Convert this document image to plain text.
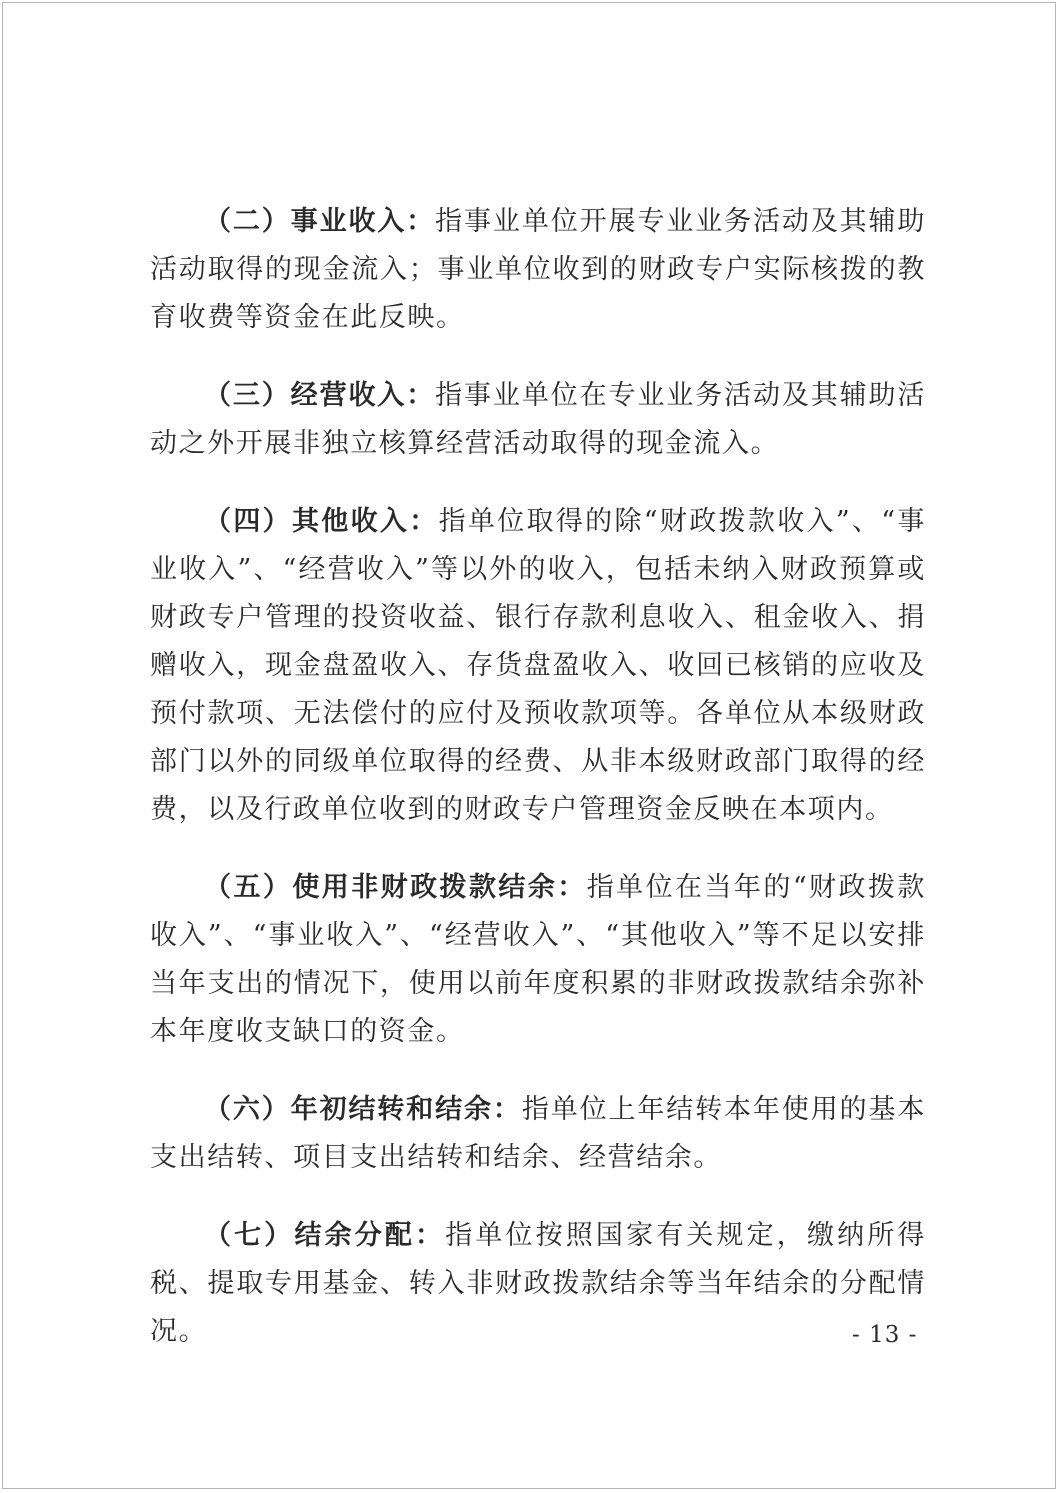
（二）事业收入：指事业单位开展专业业务活动及其辅助活动取得的现金流入；事业单位收到的财政专户实际核拨的教育收费等资金在此反映。

（三）经营收入：指事业单位在专业业务活动及其辅助活动之外开展非独立核算经营活动取得的现金流入。

（四）其他收入：指单位取得的除“财政拨款收入”、“事业收入”、“经营收入”等以外的收入，包括未纳入财政预算或财政专户管理的投资收益、银行存款利息收入、租金收入、捐赠收入，现金盘盈收入、存货盘盈收入、收回已核销的应收及预付款项、无法偿付的应付及预收款项等。各单位从本级财政部门以外的同级单位取得的经费、从非本级财政部门取得的经费，以及行政单位收到的财政专户管理资金反映在本项内。

（五）使用非财政拨款结余：指单位在当年的“财政拨款收入”、“事业收入”、“经营收入”、“其他收入”等不足以安排当年支出的情况下，使用以前年度积累的非财政拨款结余弥补本年度收支缺口的资金。

（六）年初结转和结余：指单位上年结转本年使用的基本支出结转、项目支出结转和结余、经营结余。

（七）结余分配：指单位按照国家有关规定，缴纳所得税、提取专用基金、转入非财政拨款结余等当年结余的分配情况。	- 13 -
